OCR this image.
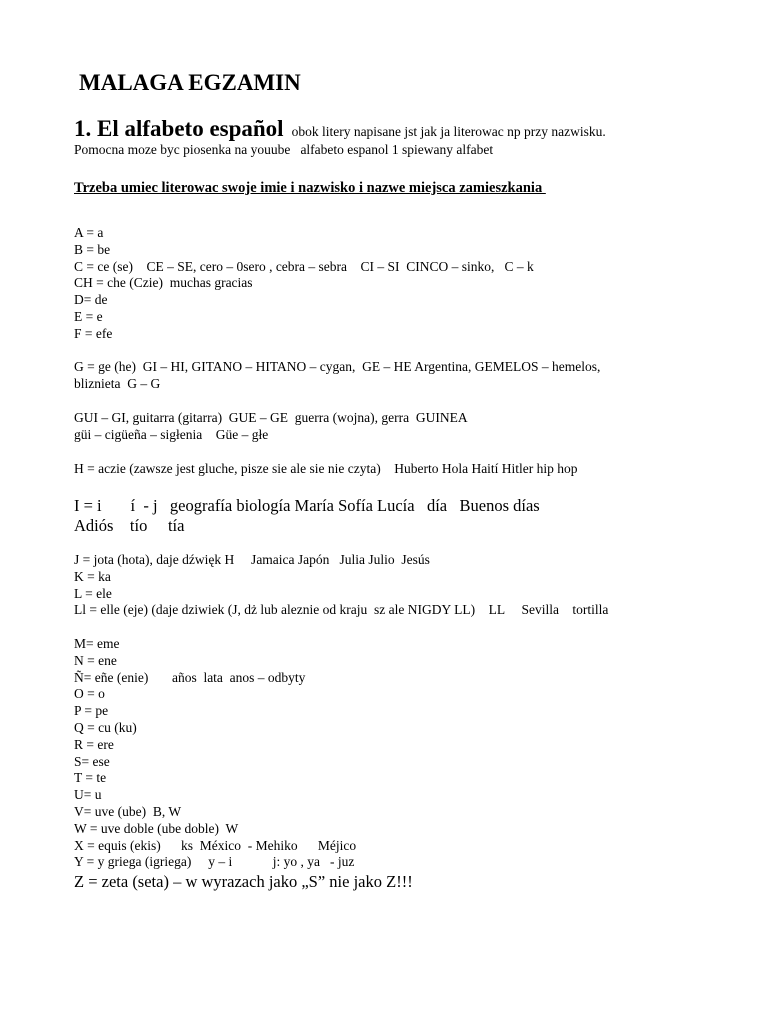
MALAGA EGZAMIN
1. El alfabeto español obok litery napisane jst jak ja literowac np przy nazwisku.
Pomocna moze byc piosenka na youube   alfabeto espanol 1 spiewany alfabet
Trzeba umiec literowac swoje imie i nazwisko i nazwe miejsca zamieszkania
A = a
B = be
C = ce (se)    CE – SE, cero – 0sero , cebra – sebra    CI – SI  CINCO – sinko,   C – k
CH = che (Czie)  muchas gracias
D= de
E = e
F = efe
G = ge (he)  GI – HI, GITANO – HITANO – cygan,  GE – HE Argentina, GEMELOS – hemelos,
bliznieta  G – G
GUI – GI, guitarra (gitarra)  GUE – GE  guerra (wojna), gerra  GUINEA
güi – cigüeña – sigłenia    Güe – głe
H = aczie (zawsze jest gluche, pisze sie ale sie nie czyta)    Huberto Hola Haití Hitler hip hop
I = i       í  - j   geografía biología María Sofía Lucía   día   Buenos días
Adiós    tío     tía
J = jota (hota), daje dźwięk H     Jamaica Japón   Julia Julio  Jesús
K = ka
L = ele
Ll = elle (eje) (daje dziwiek (J, dż lub aleznie od kraju  sz ale NIGDY LL)    LL     Sevilla    tortilla
M= eme
N = ene
Ñ= eñe (enie)       años  lata  anos – odbyty
O = o
P = pe
Q = cu (ku)
R = ere
S= ese
T = te
U= u
V= uve (ube)  B, W
W = uve doble (ube doble)  W
X = equis (ekis)      ks  México  - Mehiko      Méjico
Y = y griega (igriega)     y – i            j: yo , ya   - juz
Z = zeta (seta) – w wyrazach jako „S” nie jako Z!!!
